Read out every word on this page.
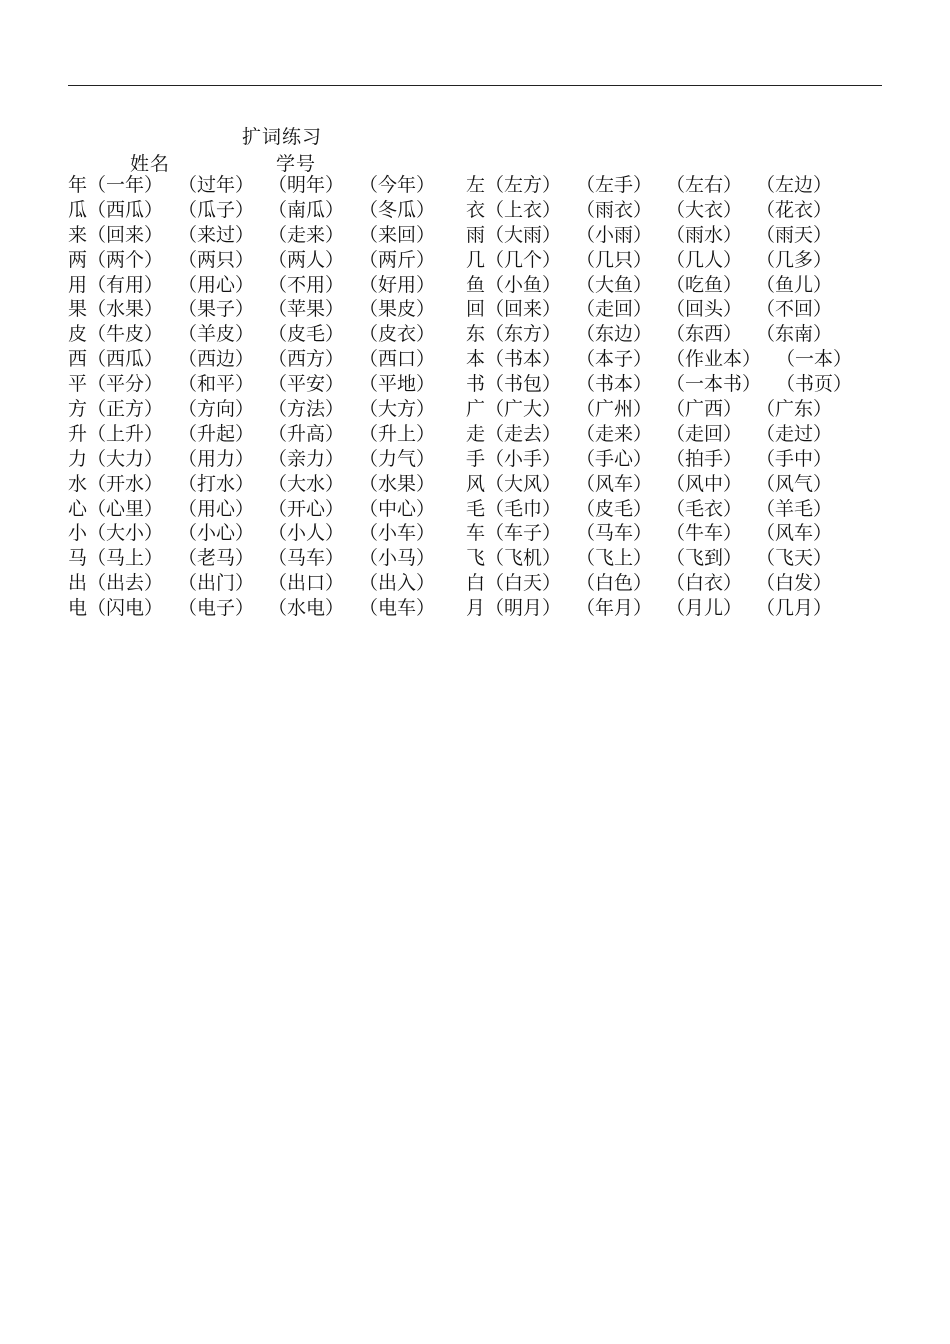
扩词练习
姓名	学号
年 （一年） （过年） （明年） （今年） 左 （左方） （左手） （左右） （左边）
瓜 （西瓜） （瓜子） （南瓜） （冬瓜） 衣 （上衣） （雨衣） （大衣） （花衣）
来 （回来） （来过） （走来） （来回） 雨 （大雨） （小雨） （雨水） （雨天）
两 （两个） （两只） （两人） （两斤） 几 （几个） （几只） （几人） （几多）
用 （有用） （用心） （不用） （好用） 鱼 （小鱼） （大鱼） （吃鱼） （鱼儿）
果 （水果） （果子） （苹果） （果皮） 回 （回来） （走回） （回头） （不回）
皮 （牛皮） （羊皮） （皮毛） （皮衣） 东 （东方） （东边） （东西） （东南）
西 （西瓜） （西边） （西方） （西口） 本 （书本） （本子） （作业本） （一本）
平 （平分） （和平） （平安） （平地） 书 （书包） （书本） （一本书） （书页）
方 （正方） （方向） （方法） （大方） 广 （广大） （广州） （广西） （广东）
升 （上升） （升起） （升高） （升上） 走 （走去） （走来） （走回） （走过）
力 （大力） （用力） （亲力） （力气） 手 （小手） （手心） （拍手） （手中）
水 （开水） （打水） （大水） （水果） 风 （大风） （风车） （风中） （风气）
心 （心里） （用心） （开心） （中心） 毛 （毛巾） （皮毛） （毛衣） （羊毛）
小 （大小） （小心） （小人） （小车） 车 （车子） （马车） （牛车） （风车）
马 （马上） （老马） （马车） （小马） 飞 （飞机） （飞上） （飞到） （飞天）
出 （出去） （出门） （出口） （出入） 白 （白天） （白色） （白衣） （白发）
电 （闪电） （电子） （水电） （电车） 月 （明月） （年月） （月儿） （几月）
